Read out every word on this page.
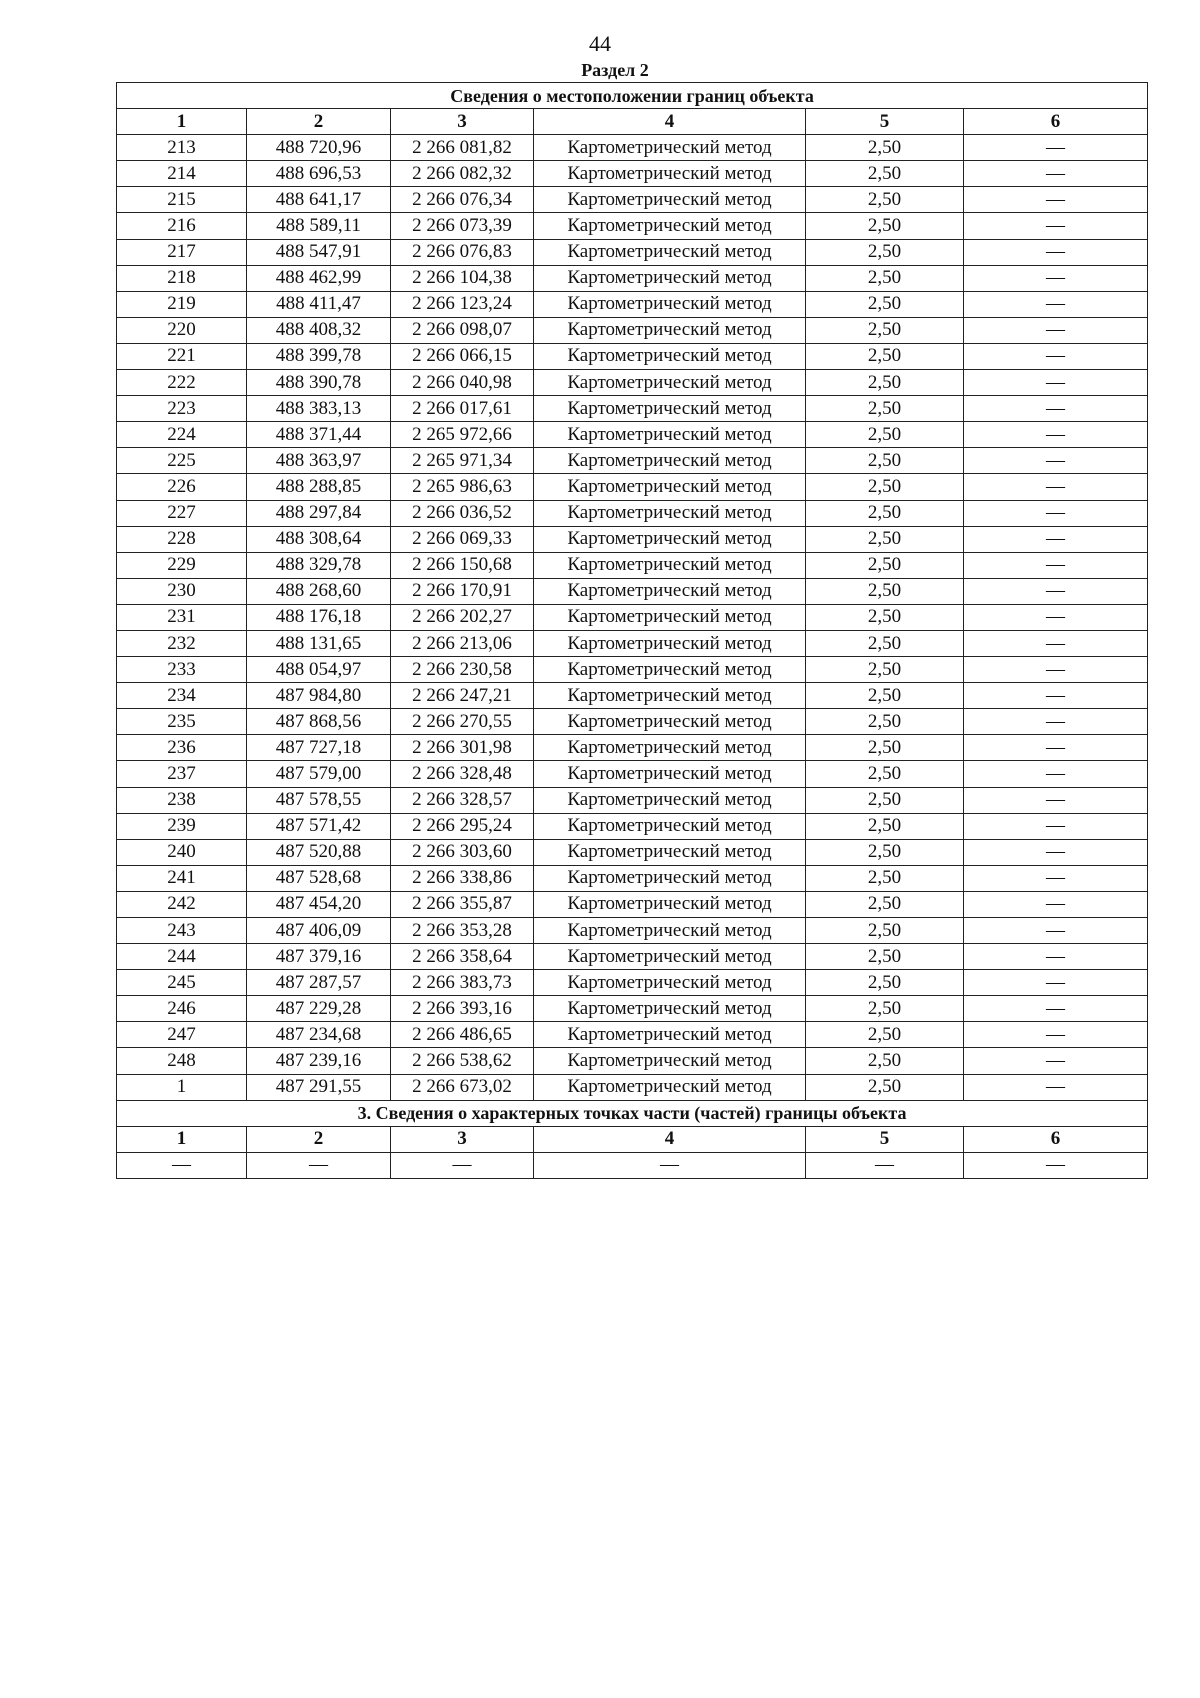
44
Раздел 2
Сведения о местоположении границ объекта					
1	2	3	4	5	6
213	488 720,96	2 266 081,82	Картометрический метод	2,50	—
214	488 696,53	2 266 082,32	Картометрический метод	2,50	—
215	488 641,17	2 266 076,34	Картометрический метод	2,50	—
216	488 589,11	2 266 073,39	Картометрический метод	2,50	—
217	488 547,91	2 266 076,83	Картометрический метод	2,50	—
218	488 462,99	2 266 104,38	Картометрический метод	2,50	—
219	488 411,47	2 266 123,24	Картометрический метод	2,50	—
220	488 408,32	2 266 098,07	Картометрический метод	2,50	—
221	488 399,78	2 266 066,15	Картометрический метод	2,50	—
222	488 390,78	2 266 040,98	Картометрический метод	2,50	—
223	488 383,13	2 266 017,61	Картометрический метод	2,50	—
224	488 371,44	2 265 972,66	Картометрический метод	2,50	—
225	488 363,97	2 265 971,34	Картометрический метод	2,50	—
226	488 288,85	2 265 986,63	Картометрический метод	2,50	—
227	488 297,84	2 266 036,52	Картометрический метод	2,50	—
228	488 308,64	2 266 069,33	Картометрический метод	2,50	—
229	488 329,78	2 266 150,68	Картометрический метод	2,50	—
230	488 268,60	2 266 170,91	Картометрический метод	2,50	—
231	488 176,18	2 266 202,27	Картометрический метод	2,50	—
232	488 131,65	2 266 213,06	Картометрический метод	2,50	—
233	488 054,97	2 266 230,58	Картометрический метод	2,50	—
234	487 984,80	2 266 247,21	Картометрический метод	2,50	—
235	487 868,56	2 266 270,55	Картометрический метод	2,50	—
236	487 727,18	2 266 301,98	Картометрический метод	2,50	—
237	487 579,00	2 266 328,48	Картометрический метод	2,50	—
238	487 578,55	2 266 328,57	Картометрический метод	2,50	—
239	487 571,42	2 266 295,24	Картометрический метод	2,50	—
240	487 520,88	2 266 303,60	Картометрический метод	2,50	—
241	487 528,68	2 266 338,86	Картометрический метод	2,50	—
242	487 454,20	2 266 355,87	Картометрический метод	2,50	—
243	487 406,09	2 266 353,28	Картометрический метод	2,50	—
244	487 379,16	2 266 358,64	Картометрический метод	2,50	—
245	487 287,57	2 266 383,73	Картометрический метод	2,50	—
246	487 229,28	2 266 393,16	Картометрический метод	2,50	—
247	487 234,68	2 266 486,65	Картометрический метод	2,50	—
248	487 239,16	2 266 538,62	Картометрический метод	2,50	—
1	487 291,55	2 266 673,02	Картометрический метод	2,50	—
3. Сведения о характерных точках части (частей) границы объекта					
1	2	3	4	5	6
—	—	—	—	—	—
